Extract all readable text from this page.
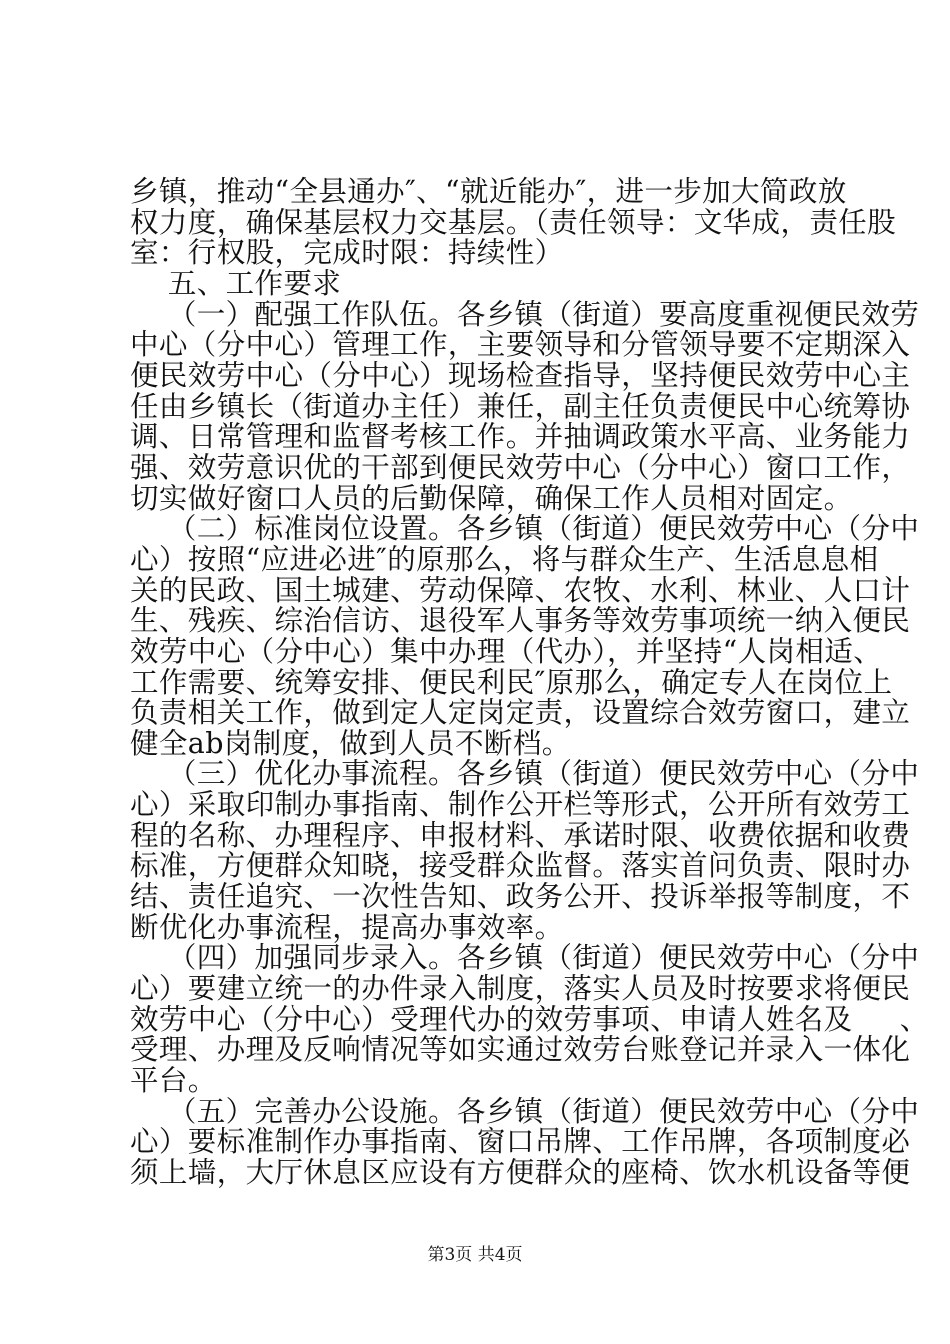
乡镇，推动“全县通办″、“就近能办″，进一步加大简政放
权力度，确保基层权力交基层。（责任领导：文华成，责任股
室：行权股，完成时限：持续性）
五、工作要求
（一）配强工作队伍。各乡镇（街道）要高度重视便民效劳
中心（分中心）管理工作，主要领导和分管领导要不定期深入
便民效劳中心（分中心）现场检查指导，坚持便民效劳中心主
任由乡镇长（街道办主任）兼任，副主任负责便民中心统筹协
调、日常管理和监督考核工作。并抽调政策水平高、业务能力
强、效劳意识优的干部到便民效劳中心（分中心）窗口工作，
切实做好窗口人员的后勤保障，确保工作人员相对固定。
（二）标准岗位设置。各乡镇（街道）便民效劳中心（分中
心）按照“应进必进″的原那么，将与群众生产、生活息息相
关的民政、国土城建、劳动保障、农牧、水利、林业、人口计
生、残疾、综治信访、退役军人事务等效劳事项统一纳入便民
效劳中心（分中心）集中办理（代办），并坚持“人岗相适、
工作需要、统筹安排、便民利民″原那么，确定专人在岗位上
负责相关工作，做到定人定岗定责，设置综合效劳窗口，建立
健全ab岗制度，做到人员不断档。
（三）优化办事流程。各乡镇（街道）便民效劳中心（分中
心）采取印制办事指南、制作公开栏等形式，公开所有效劳工
程的名称、办理程序、申报材料、承诺时限、收费依据和收费
标准，方便群众知晓，接受群众监督。落实首问负责、限时办
结、责任追究、一次性告知、政务公开、投诉举报等制度，不
断优化办事流程，提高办事效率。
（四）加强同步录入。各乡镇（街道）便民效劳中心（分中
心）要建立统一的办件录入制度，落实人员及时按要求将便民
效劳中心（分中心）受理代办的效劳事项、申请人姓名及     、
受理、办理及反响情况等如实通过效劳台账登记并录入一体化
平台。
（五）完善办公设施。各乡镇（街道）便民效劳中心（分中
心）要标准制作办事指南、窗口吊牌、工作吊牌，各项制度必
须上墙，大厅休息区应设有方便群众的座椅、饮水机设备等便
第3页 共4页
